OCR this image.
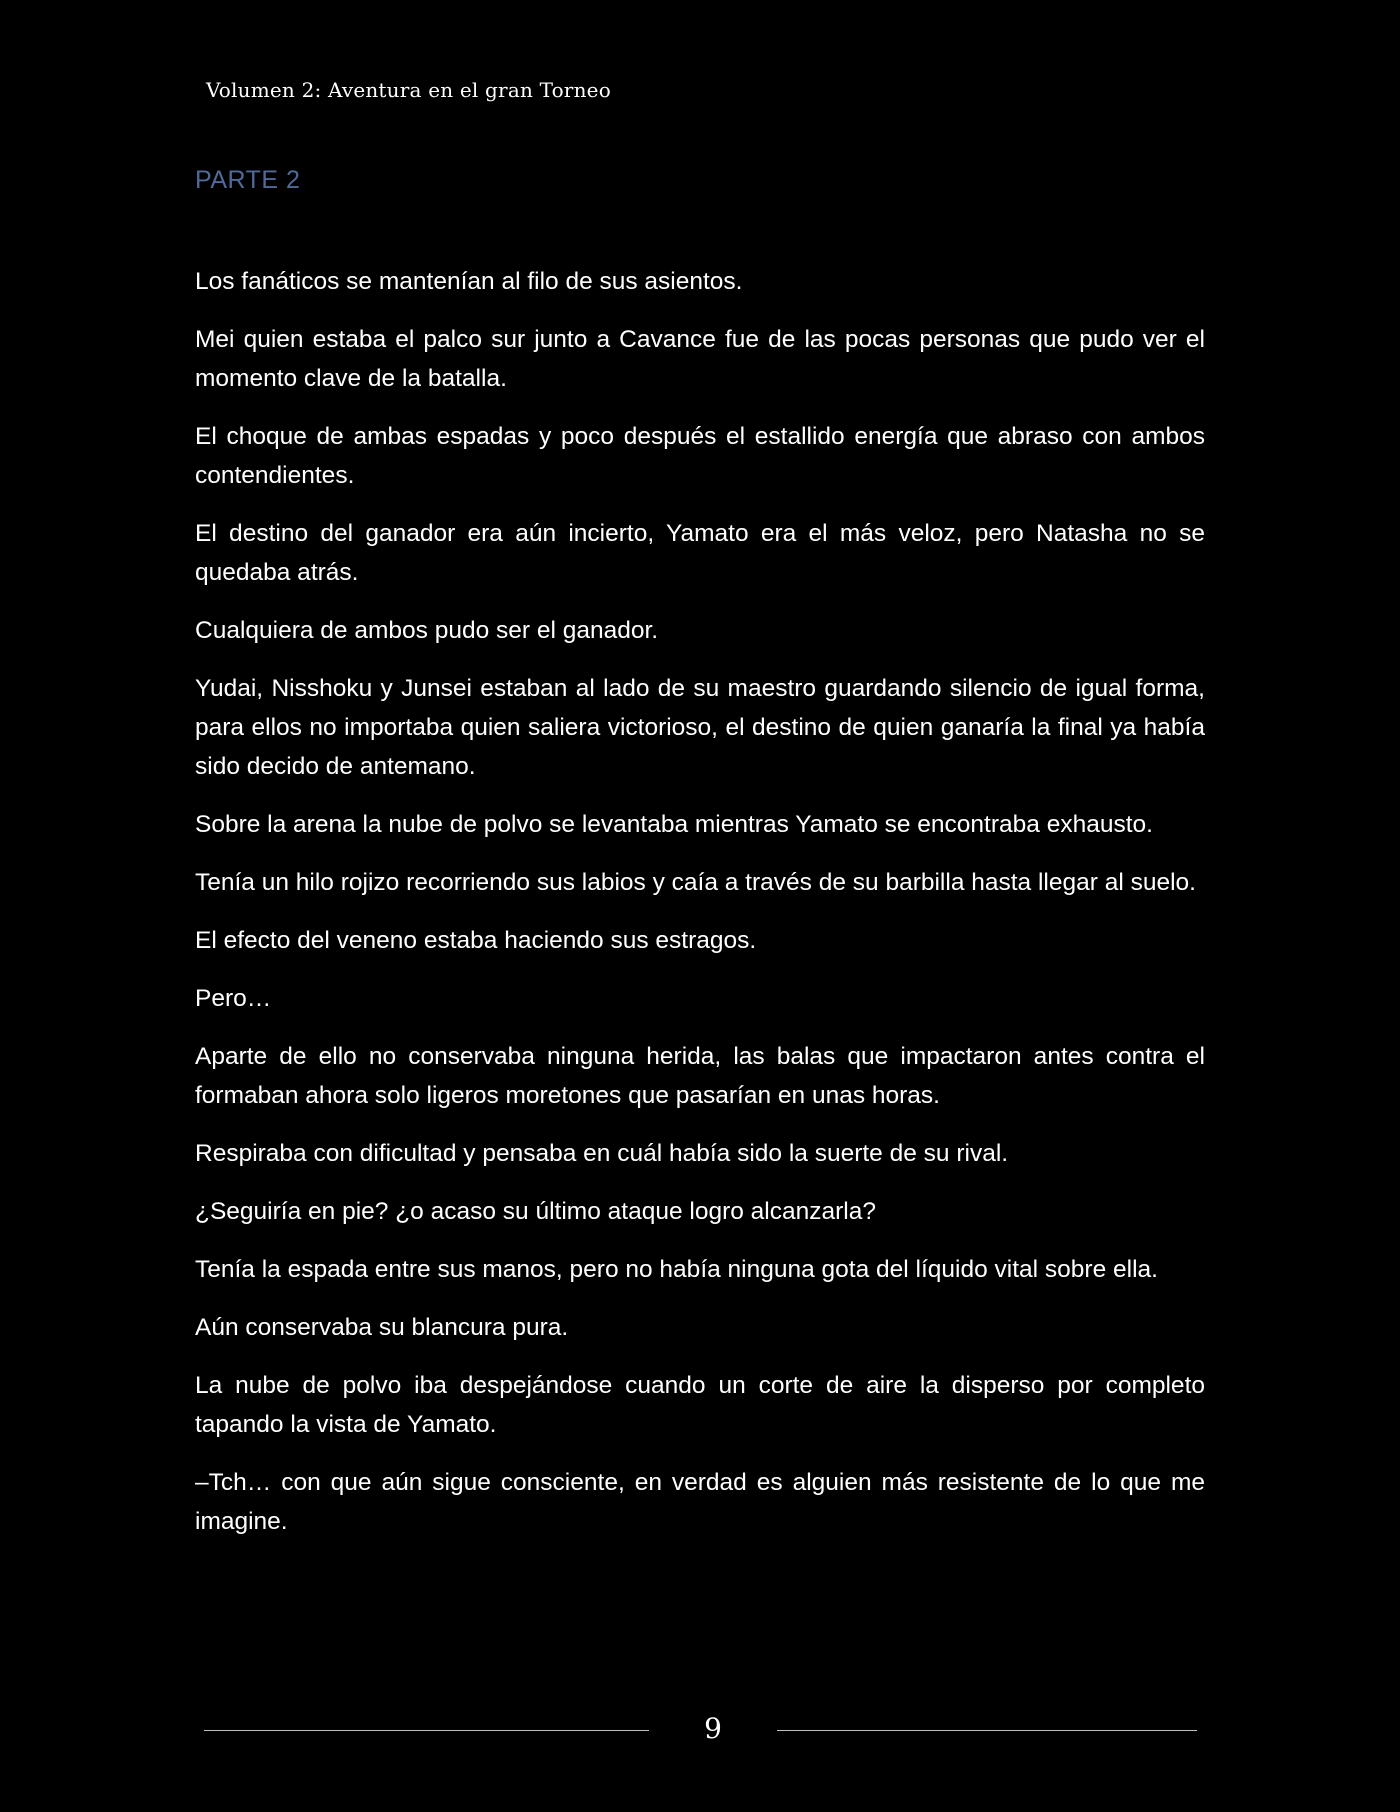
Volumen 2: Aventura en el gran Torneo
PARTE 2

Los fanáticos se mantenían al filo de sus asientos.

Mei quien estaba el palco sur junto a Cavance fue de las pocas personas que pudo ver el momento clave de la batalla.

El choque de ambas espadas y poco después el estallido energía que abraso con ambos contendientes.

El destino del ganador era aún incierto, Yamato era el más veloz, pero Natasha no se quedaba atrás.

Cualquiera de ambos pudo ser el ganador.

Yudai, Nisshoku y Junsei estaban al lado de su maestro guardando silencio de igual forma, para ellos no importaba quien saliera victorioso, el destino de quien ganaría la final ya había sido decido de antemano.

Sobre la arena la nube de polvo se levantaba mientras Yamato se encontraba exhausto.

Tenía un hilo rojizo recorriendo sus labios y caía a través de su barbilla hasta llegar al suelo.

El efecto del veneno estaba haciendo sus estragos.

Pero…

Aparte de ello no conservaba ninguna herida, las balas que impactaron antes contra el formaban ahora solo ligeros moretones que pasarían en unas horas.

Respiraba con dificultad y pensaba en cuál había sido la suerte de su rival.

¿Seguiría en pie? ¿o acaso su último ataque logro alcanzarla?

Tenía la espada entre sus manos, pero no había ninguna gota del líquido vital sobre ella.

Aún conservaba su blancura pura.

La nube de polvo iba despejándose cuando un corte de aire la disperso por completo tapando la vista de Yamato.

–Tch… con que aún sigue consciente, en verdad es alguien más resistente de lo que me imagine.

9
